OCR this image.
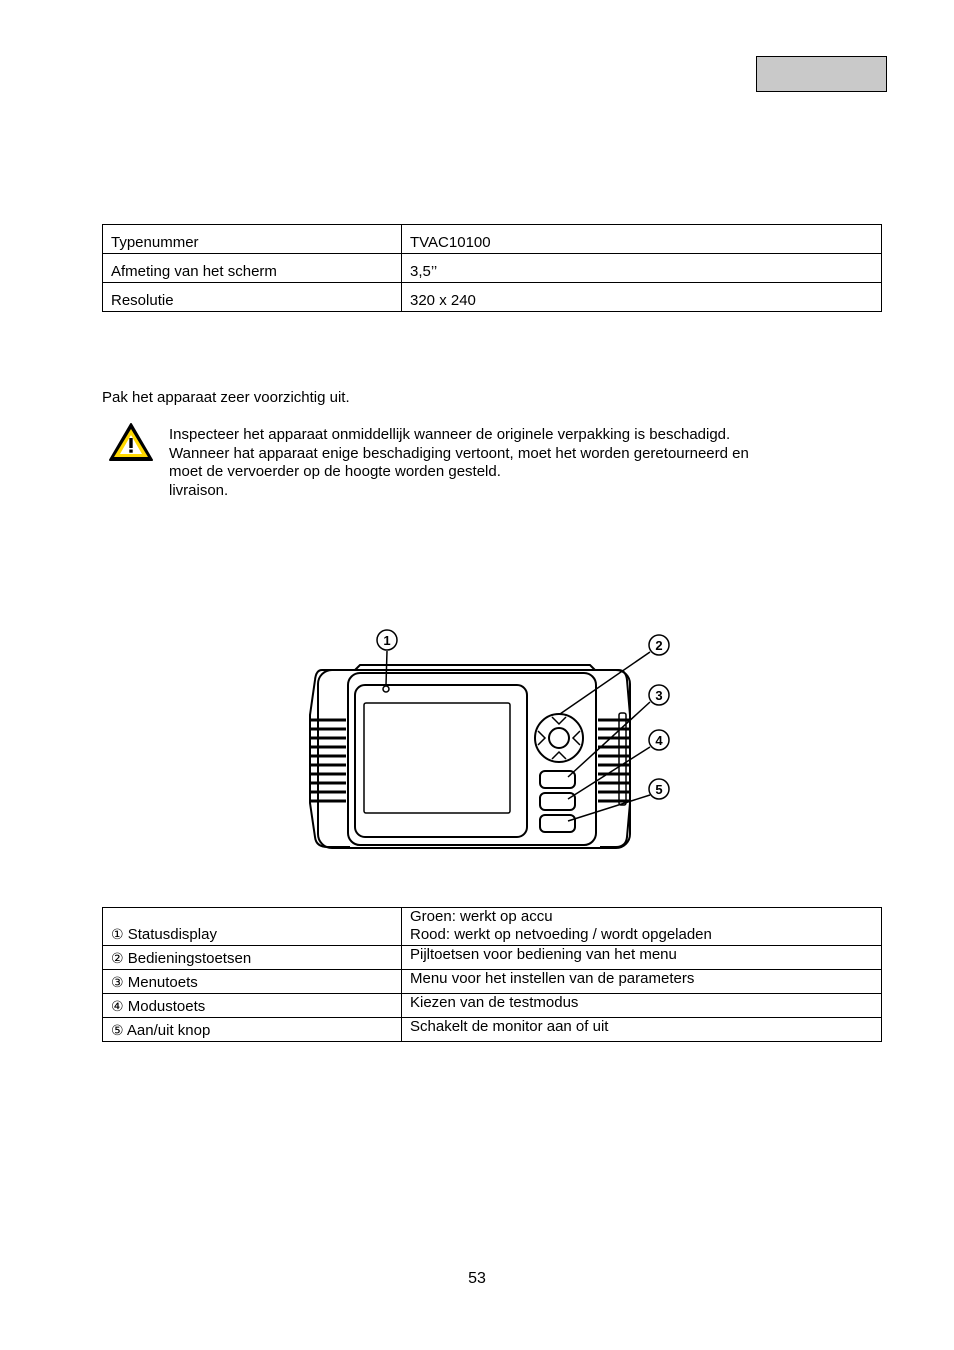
Typenummer	TVAC10100
Afmeting van het scherm	3,5’’
Resolutie	320 x 240
Pak het apparaat zeer voorzichtig uit.
Inspecteer het apparaat onmiddellijk wanneer de originele verpakking is beschadigd.
Wanneer hat apparaat enige beschadiging vertoont, moet het worden geretourneerd en
moet de vervoerder op de hoogte worden gesteld.
livraison.
1	2
3
4
5
① Statusdisplay	Groen: werkt op accu
Rood: werkt op netvoeding / wordt opgeladen

② Bedieningstoetsen	Pijltoetsen voor bediening van het menu

③ Menutoets	Menu voor het instellen van de parameters

④ Modustoets	Kiezen van de testmodus

⑤ Aan/uit knop	Schakelt de monitor aan of uit
53
